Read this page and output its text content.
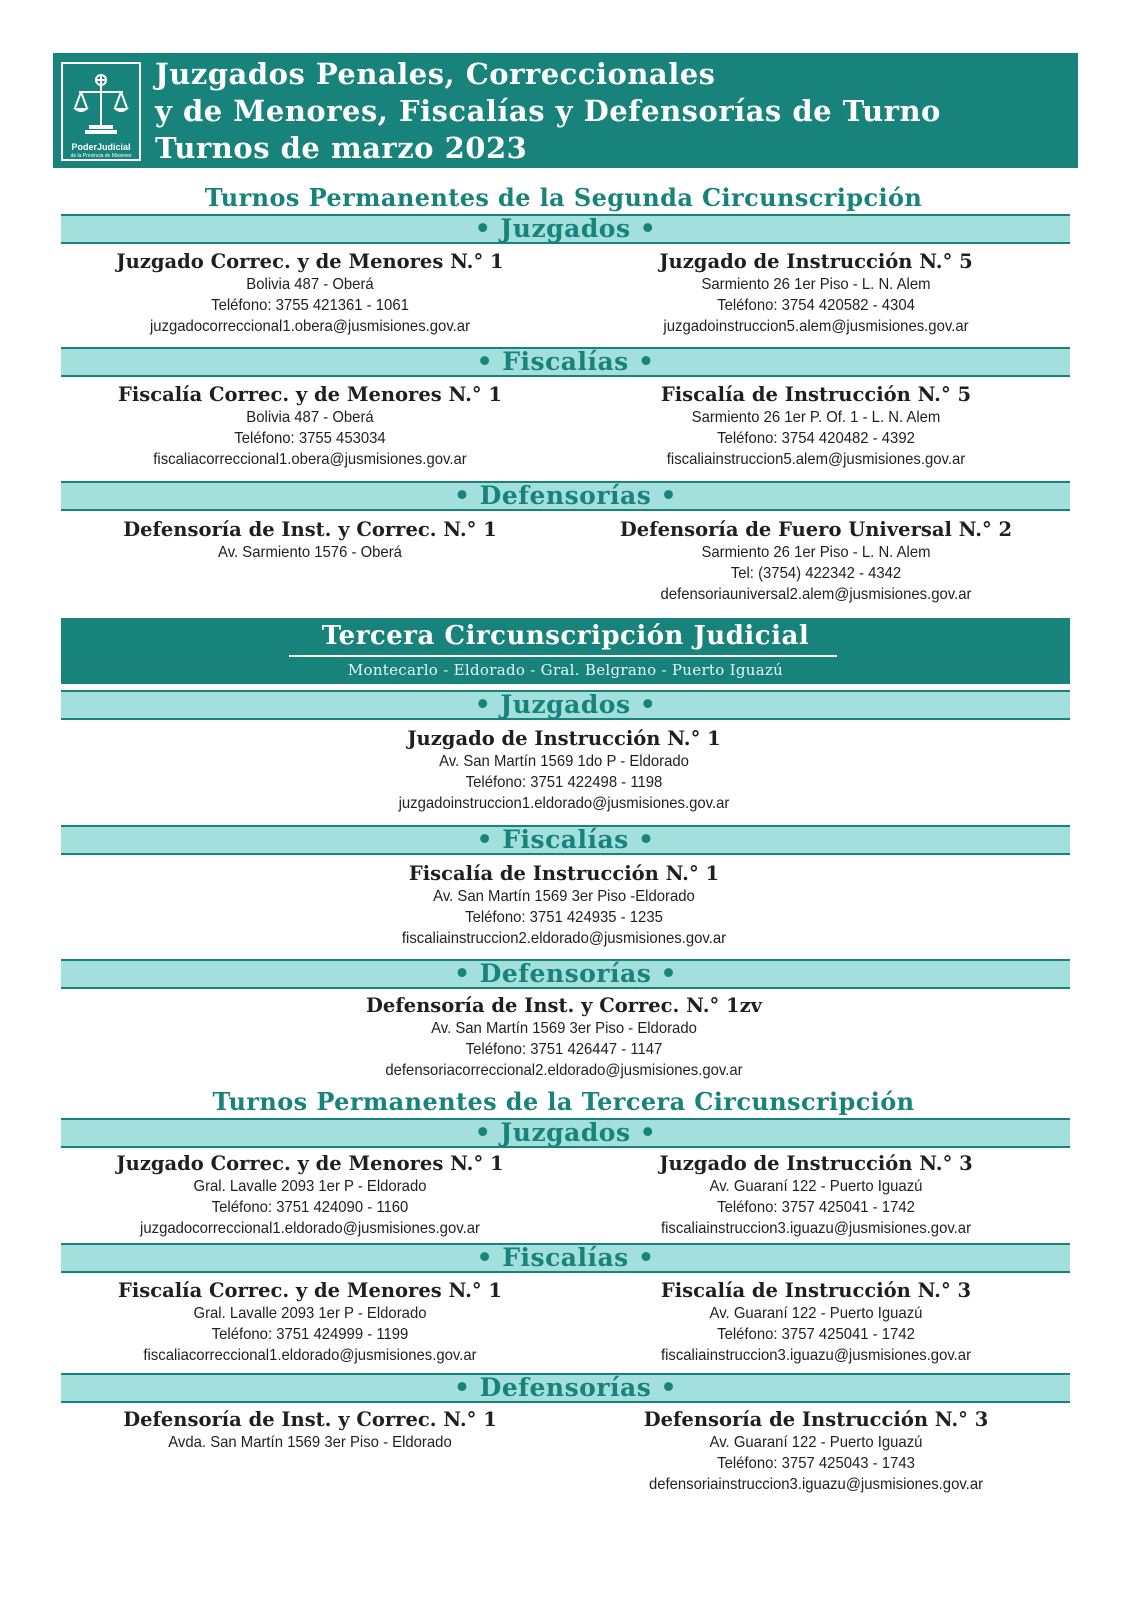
PoderJudicial
de la Provincia de Misiones
Juzgados Penales, Correccionales
y de Menores, Fiscalías y Defensorías de Turno
Turnos de marzo 2023
Turnos Permanentes de la Segunda Circunscripción
• Juzgados •
Juzgado Correc. y de Menores N.° 1
Bolivia 487 - Oberá
Teléfono: 3755 421361 - 1061
juzgadocorreccional1.obera@jusmisiones.gov.ar
Juzgado de Instrucción N.° 5
Sarmiento 26 1er Piso - L. N. Alem
Teléfono: 3754 420582 - 4304
juzgadoinstruccion5.alem@jusmisiones.gov.ar
• Fiscalías •
Fiscalía Correc. y de Menores N.° 1
Bolivia 487 - Oberá
Teléfono: 3755 453034
fiscaliacorreccional1.obera@jusmisiones.gov.ar
Fiscalía de Instrucción N.° 5
Sarmiento 26 1er P. Of. 1 - L. N. Alem
Teléfono: 3754 420482 - 4392
fiscaliainstruccion5.alem@jusmisiones.gov.ar
• Defensorías •
Defensoría de Inst. y Correc. N.° 1
Av. Sarmiento 1576 - Oberá
Defensoría de Fuero Universal N.° 2
Sarmiento 26 1er Piso - L. N. Alem
Tel: (3754) 422342 - 4342
defensoriauniversal2.alem@jusmisiones.gov.ar
Tercera Circunscripción Judicial
Montecarlo - Eldorado - Gral. Belgrano - Puerto Iguazú
• Juzgados •
Juzgado de Instrucción N.° 1
Av. San Martín 1569 1do P - Eldorado
Teléfono: 3751 422498 - 1198
juzgadoinstruccion1.eldorado@jusmisiones.gov.ar
• Fiscalías •
Fiscalía de Instrucción N.° 1
Av. San Martín 1569 3er Piso -Eldorado
Teléfono: 3751 424935 - 1235
fiscaliainstruccion2.eldorado@jusmisiones.gov.ar
• Defensorías •
Defensoría de Inst. y Correc. N.° 1zv
Av. San Martín 1569 3er Piso - Eldorado
Teléfono: 3751 426447 - 1147
defensoriacorreccional2.eldorado@jusmisiones.gov.ar
Turnos Permanentes de la Tercera Circunscripción
• Juzgados •
Juzgado Correc. y de Menores N.° 1
Gral. Lavalle 2093 1er P - Eldorado
Teléfono: 3751 424090 - 1160
juzgadocorreccional1.eldorado@jusmisiones.gov.ar
Juzgado de Instrucción N.° 3
Av. Guaraní 122 - Puerto Iguazú
Teléfono: 3757 425041 - 1742
fiscaliainstruccion3.iguazu@jusmisiones.gov.ar
• Fiscalías •
Fiscalía Correc. y de Menores N.° 1
Gral. Lavalle 2093 1er P - Eldorado
Teléfono: 3751 424999 - 1199
fiscaliacorreccional1.eldorado@jusmisiones.gov.ar
Fiscalía de Instrucción N.° 3
Av. Guaraní 122 - Puerto Iguazú
Teléfono: 3757 425041 - 1742
fiscaliainstruccion3.iguazu@jusmisiones.gov.ar
• Defensorías •
Defensoría de Inst. y Correc. N.° 1
Avda. San Martín 1569 3er Piso - Eldorado
Defensoría de Instrucción N.° 3
Av. Guaraní 122 - Puerto Iguazú
Teléfono: 3757 425043 - 1743
defensoriainstruccion3.iguazu@jusmisiones.gov.ar
